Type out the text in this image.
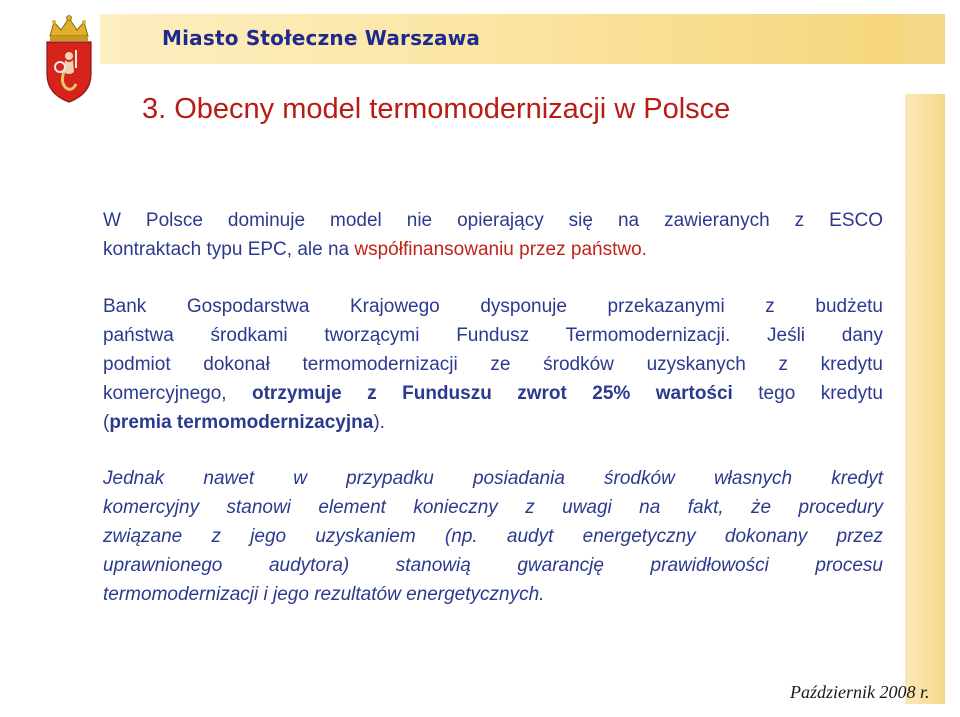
Miasto Stołeczne Warszawa
3. Obecny model termomodernizacji w Polsce
W Polsce dominuje model nie opierający się na zawieranych z ESCO
kontraktach typu EPC, ale na współfinansowaniu przez państwo.
Bank Gospodarstwa Krajowego dysponuje przekazanymi z budżetu
państwa środkami tworzącymi Fundusz Termomodernizacji. Jeśli dany
podmiot dokonał termomodernizacji ze środków uzyskanych z kredytu
komercyjnego, otrzymuje z Funduszu zwrot 25% wartości tego kredytu
(premia termomodernizacyjna).
Jednak nawet w przypadku posiadania środków własnych kredyt
komercyjny stanowi element konieczny z uwagi na fakt, że procedury
związane z jego uzyskaniem (np. audyt energetyczny dokonany przez
uprawnionego audytora) stanowią gwarancję prawidłowości procesu
termomodernizacji i jego rezultatów energetycznych.
Październik 2008 r.
